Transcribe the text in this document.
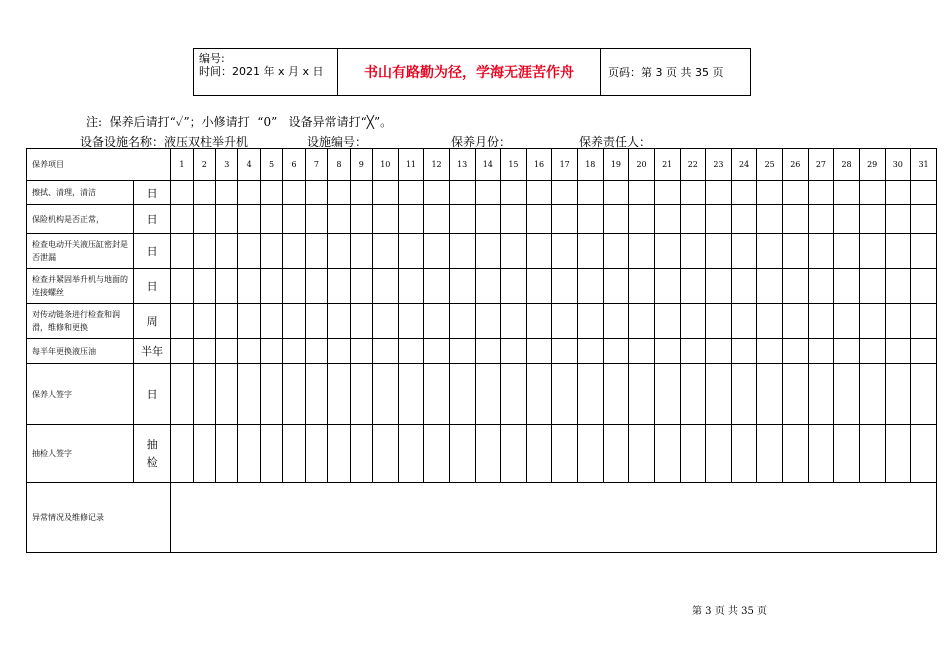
编号:
时间：2021 年 x 月 x 日	书山有路勤为径，学海无涯苦作舟	页码：第 3 页 共 35 页
注:  保养后请打“✓”；小修请打  “0”   设备异常请打“╳”。
设备设施名称：液压双柱举升机	设施编号：	保养月份：	保养责任人：
保养项目		1	2	3	4	5	6	7	8	9	10	11	12	13	14	15	16	17	18	19	20	21	22	23	24	25	26	27	28	29	30	31
擦拭、清理，清洁	日																															
保险机构是否正常，	日																															
检查电动开关液压缸密封是否泄漏	日																															
检查并紧固举升机与地面的连接螺丝	日																															
对传动链条进行检查和润滑，维修和更换	周																															
每半年更换液压油	半年																															
保养人签字	日																															
抽检人签字	抽检																															
异常情况及维修记录																																
第 3 页 共 35 页
